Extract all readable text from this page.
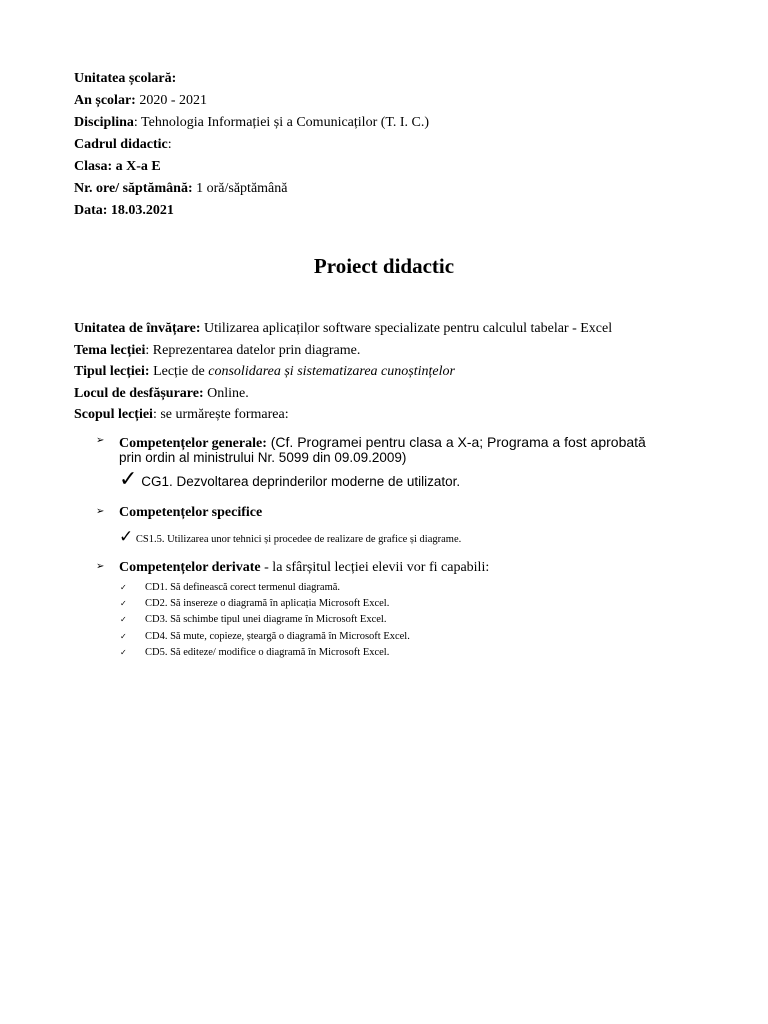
Unitatea școlară:
An școlar: 2020 - 2021
Disciplina: Tehnologia Informației și a Comunicaților (T. I. C.)
Cadrul didactic:
Clasa: a X-a E
Nr. ore/ săptămână: 1 oră/săptămână
Data: 18.03.2021
Proiect didactic
Unitatea de învățare: Utilizarea aplicaților software specializate pentru calculul tabelar - Excel
Tema lecției: Reprezentarea datelor prin diagrame.
Tipul lecției: Lecție de consolidarea și sistematizarea cunoștințelor
Locul de desfășurare: Online.
Scopul lecției: se urmărește formarea:
➢ Competențelor generale: (Cf. Programei pentru clasa a X-a; Programa a fost aprobată
prin ordin al ministrului Nr. 5099 din 09.09.2009)
✓ CG1. Dezvoltarea deprinderilor moderne de utilizator.
➢ Competențelor specifice
✓ CS1.5. Utilizarea unor tehnici și procedee de realizare de grafice și diagrame.
➢ Competențelor derivate - la sfârșitul lecției elevii vor fi capabili:
✓ CD1. Să definească corect termenul diagramă.
✓ CD2. Să insereze o diagramă în aplicația Microsoft Excel.
✓ CD3. Să schimbe tipul unei diagrame în Microsoft Excel.
✓ CD4. Să mute, copieze, șteargă o diagramă în Microsoft Excel.
✓ CD5. Să editeze/ modifice o diagramă în Microsoft Excel.
